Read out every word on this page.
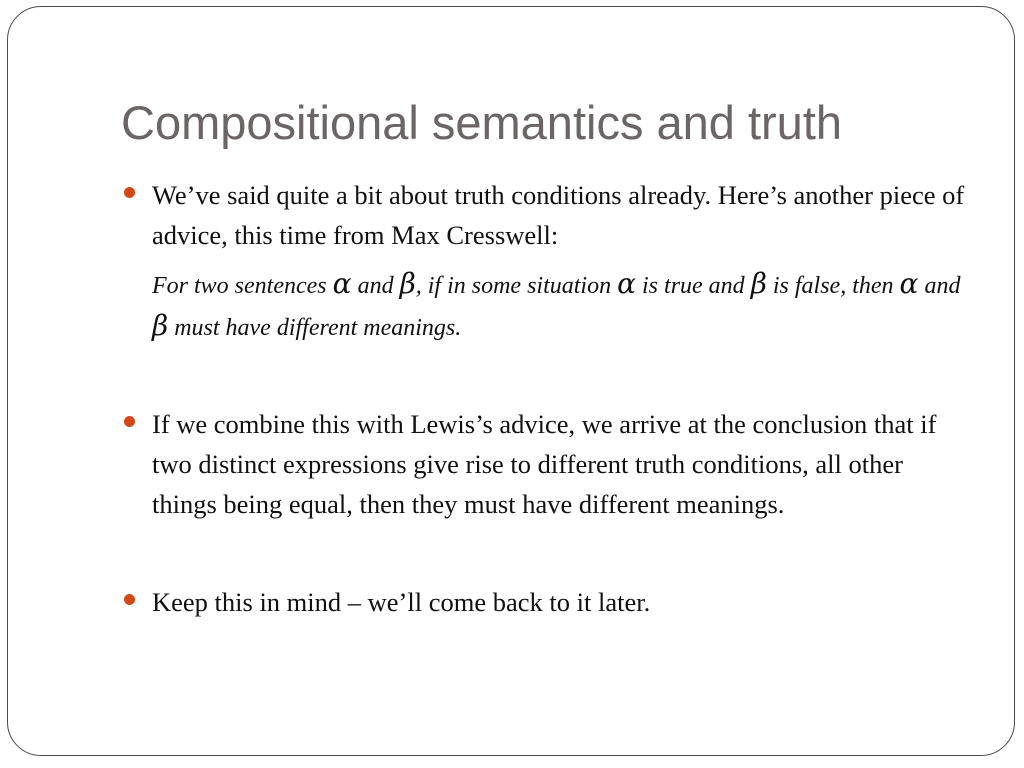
Compositional semantics and truth

We’ve said quite a bit about truth conditions already. Here’s another piece of advice, this time from Max Cresswell:

For two sentences α and β, if in some situation α is true and β is false, then α and β must have different meanings.

If we combine this with Lewis’s advice, we arrive at the conclusion that if two distinct expressions give rise to different truth conditions, all other things being equal, then they must have different meanings.

Keep this in mind – we’ll come back to it later.
